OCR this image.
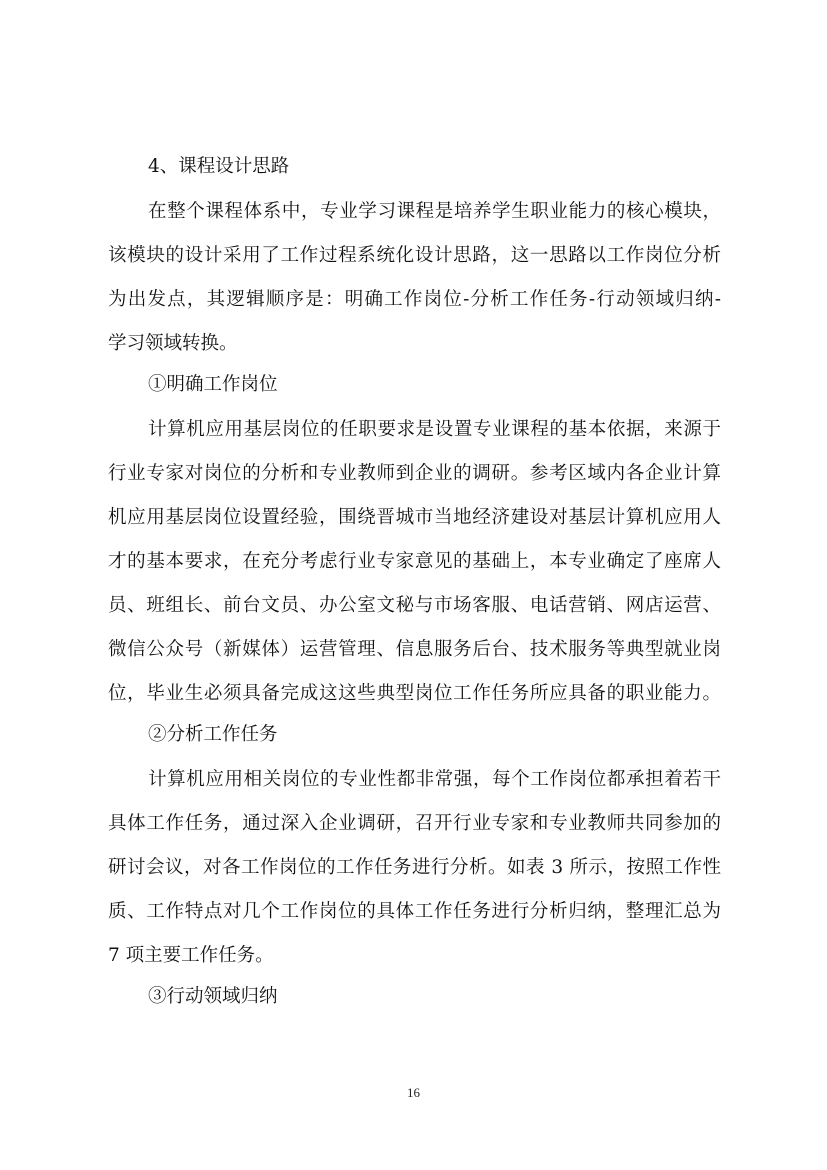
4、课程设计思路
在整个课程体系中，专业学习课程是培养学生职业能力的核心模块，
该模块的设计采用了工作过程系统化设计思路，这一思路以工作岗位分析
为出发点，其逻辑顺序是：明确工作岗位-分析工作任务-行动领域归纳-
学习领域转换。
①明确工作岗位
计算机应用基层岗位的任职要求是设置专业课程的基本依据，来源于
行业专家对岗位的分析和专业教师到企业的调研。参考区域内各企业计算
机应用基层岗位设置经验，围绕晋城市当地经济建设对基层计算机应用人
才的基本要求，在充分考虑行业专家意见的基础上，本专业确定了座席人
员、班组长、前台文员、办公室文秘与市场客服、电话营销、网店运营、
微信公众号（新媒体）运营管理、信息服务后台、技术服务等典型就业岗
位，毕业生必须具备完成这这些典型岗位工作任务所应具备的职业能力。
②分析工作任务
计算机应用相关岗位的专业性都非常强，每个工作岗位都承担着若干
具体工作任务，通过深入企业调研，召开行业专家和专业教师共同参加的
研讨会议，对各工作岗位的工作任务进行分析。如表 3 所示，按照工作性
质、工作特点对几个工作岗位的具体工作任务进行分析归纳，整理汇总为
7 项主要工作任务。
③行动领域归纳
16
